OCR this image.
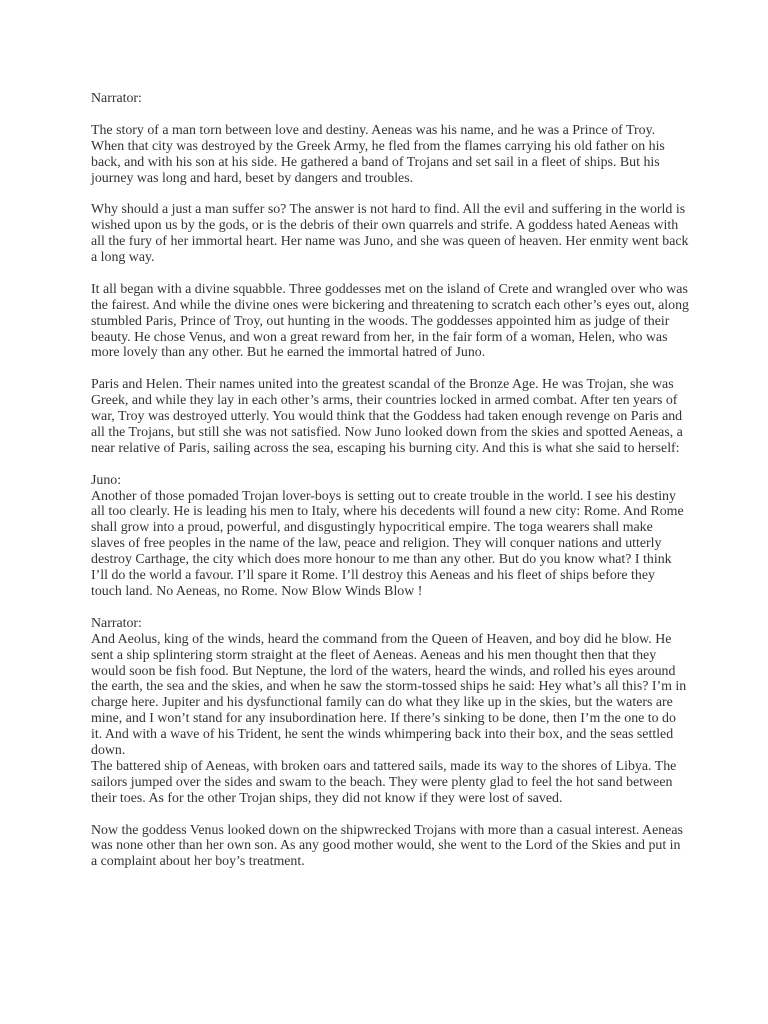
Narrator:

The story of a man torn between love and destiny. Aeneas was his name, and he was a Prince of Troy. When that city was destroyed by the Greek Army, he fled from the flames carrying his old father on his back, and with his son at his side. He gathered a band of Trojans and set sail in a fleet of ships. But his journey was long and hard, beset by dangers and troubles.

Why should a just a man suffer so? The answer is not hard to find. All the evil and suffering in the world is wished upon us by the gods, or is the debris of their own quarrels and strife. A goddess hated Aeneas with all the fury of her immortal heart. Her name was Juno, and she was queen of heaven. Her enmity went back a long way.

It all began with a divine squabble. Three goddesses met on the island of Crete and wrangled over who was the fairest. And while the divine ones were bickering and threatening to scratch each other’s eyes out, along stumbled Paris, Prince of Troy, out hunting in the woods. The goddesses appointed him as judge of their beauty. He chose Venus, and won a great reward from her, in the fair form of a woman, Helen, who was more lovely than any other. But he earned the immortal hatred of Juno.

Paris and Helen. Their names united into the greatest scandal of the Bronze Age. He was Trojan, she was Greek, and while they lay in each other’s arms, their countries locked in armed combat. After ten years of war, Troy was destroyed utterly. You would think that the Goddess had taken enough revenge on Paris and all the Trojans, but still she was not satisfied. Now Juno looked down from the skies and spotted Aeneas, a near relative of Paris, sailing across the sea, escaping his burning city. And this is what she said to herself:

Juno:

Another of those pomaded Trojan lover-boys is setting out to create trouble in the world. I see his destiny all too clearly. He is leading his men to Italy, where his decedents will found a new city: Rome. And Rome shall grow into a proud, powerful, and disgustingly hypocritical empire. The toga wearers shall make slaves of free peoples in the name of the law, peace and religion. They will conquer nations and utterly destroy Carthage, the city which does more honour to me than any other. But do you know what? I think I’ll do the world a favour. I’ll spare it Rome. I’ll destroy this Aeneas and his fleet of ships before they touch land. No Aeneas, no Rome. Now Blow Winds Blow !

Narrator:

And Aeolus, king of the winds, heard the command from the Queen of Heaven, and boy did he blow. He sent a ship splintering storm straight at the fleet of Aeneas. Aeneas and his men thought then that they would soon be fish food. But Neptune, the lord of the waters, heard the winds, and rolled his eyes around the earth, the sea and the skies, and when he saw the storm-tossed ships he said: Hey what’s all this? I’m in charge here. Jupiter and his dysfunctional family can do what they like up in the skies, but the waters are mine, and I won’t stand for any insubordination here. If there’s sinking to be done, then I’m the one to do it. And with a wave of his Trident, he sent the winds whimpering back into their box, and the seas settled down.

The battered ship of Aeneas, with broken oars and tattered sails, made its way to the shores of Libya. The sailors jumped over the sides and swam to the beach. They were plenty glad to feel the hot sand between their toes. As for the other Trojan ships, they did not know if they were lost of saved.

Now the goddess Venus looked down on the shipwrecked Trojans with more than a casual interest. Aeneas was none other than her own son. As any good mother would, she went to the Lord of the Skies and put in a complaint about her boy’s treatment.
